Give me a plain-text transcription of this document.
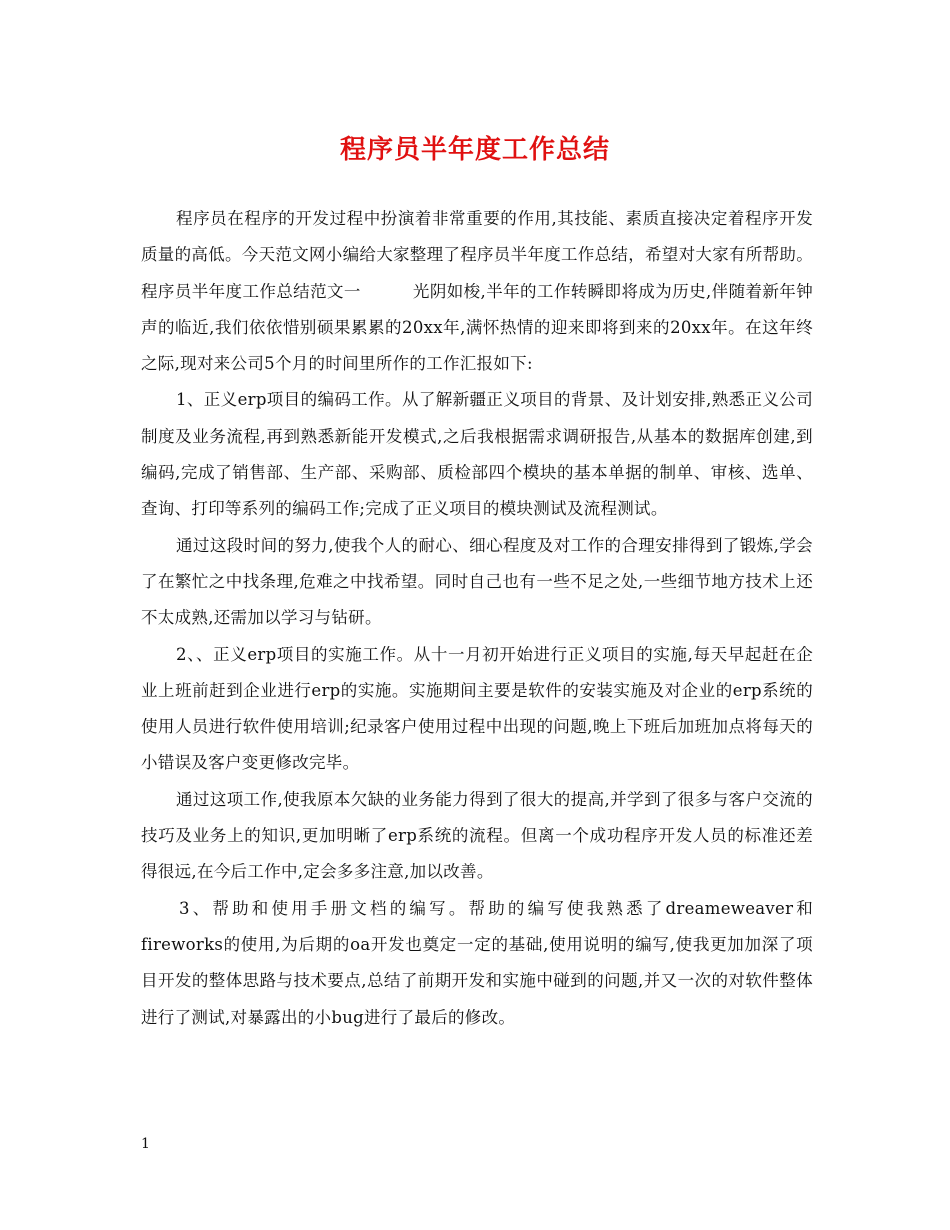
程序员半年度工作总结

程序员在程序的开发过程中扮演着非常重要的作用,其技能、素质直接决定着程序开发质量的高低。今天范文网小编给大家整理了程序员半年度工作总结，希望对大家有所帮助。

程序员半年度工作总结范文一	光阴如梭,半年的工作转瞬即将成为历史,伴随着新年钟声的临近,我们依依惜别硕果累累的20xx年,满怀热情的迎来即将到来的20xx年。在这年终之际,现对来公司5个月的时间里所作的工作汇报如下:

1、正义erp项目的编码工作。从了解新疆正义项目的背景、及计划安排,熟悉正义公司制度及业务流程,再到熟悉新能开发模式,之后我根据需求调研报告,从基本的数据库创建,到编码,完成了销售部、生产部、采购部、质检部四个模块的基本单据的制单、审核、选单、查询、打印等系列的编码工作;完成了正义项目的模块测试及流程测试。

通过这段时间的努力,使我个人的耐心、细心程度及对工作的合理安排得到了锻炼,学会了在繁忙之中找条理,危难之中找希望。同时自己也有一些不足之处,一些细节地方技术上还不太成熟,还需加以学习与钻研。

2、、正义erp项目的实施工作。从十一月初开始进行正义项目的实施,每天早起赶在企业上班前赶到企业进行erp的实施。实施期间主要是软件的安装实施及对企业的erp系统的使用人员进行软件使用培训;纪录客户使用过程中出现的问题,晚上下班后加班加点将每天的小错误及客户变更修改完毕。

通过这项工作,使我原本欠缺的业务能力得到了很大的提高,并学到了很多与客户交流的技巧及业务上的知识,更加明晰了erp系统的流程。但离一个成功程序开发人员的标准还差得很远,在今后工作中,定会多多注意,加以改善。

3、帮助和使用手册文档的编写。帮助的编写使我熟悉了dreameweaver和fireworks的使用,为后期的oa开发也奠定一定的基础,使用说明的编写,使我更加加深了项目开发的整体思路与技术要点,总结了前期开发和实施中碰到的问题,并又一次的对软件整体进行了测试,对暴露出的小bug进行了最后的修改。

1
